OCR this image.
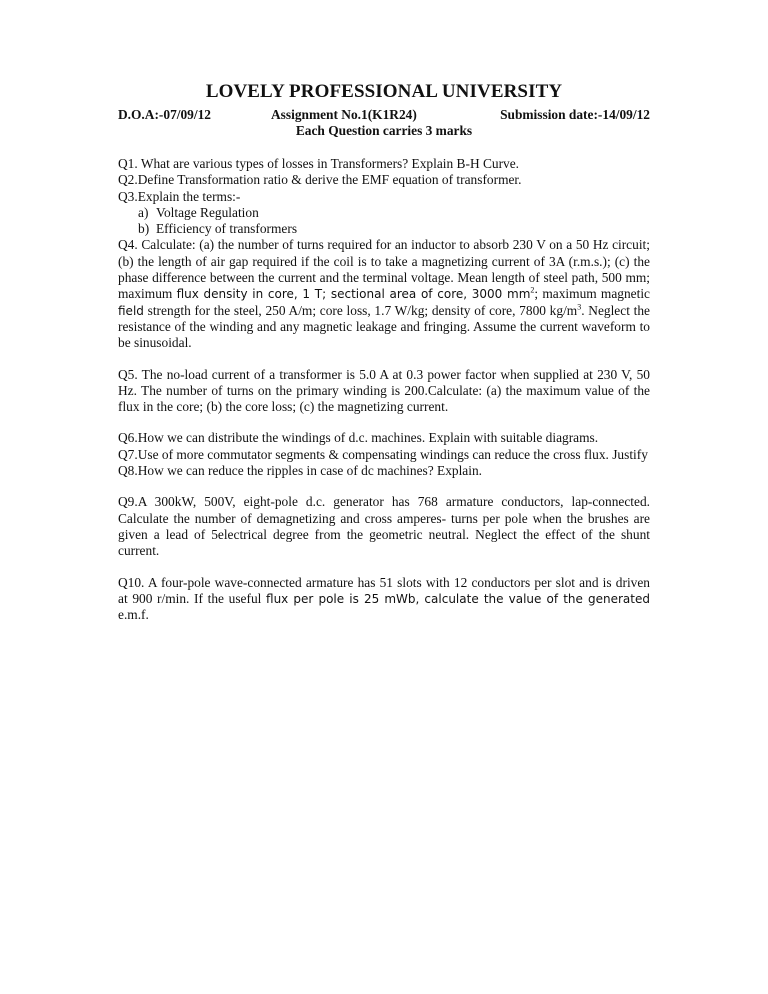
LOVELY PROFESSIONAL UNIVERSITY
D.O.A:-07/09/12	Assignment No.1(K1R24)	Submission date:-14/09/12
Each Question carries 3 marks

Q1. What are various types of losses in Transformers? Explain B-H Curve.

Q2.Define Transformation ratio & derive the EMF equation of transformer.

Q3.Explain the terms:-

a) Voltage Regulation
b) Efficiency of transformers

Q4. Calculate: (a) the number of turns required for an inductor to absorb 230 V on a 50 Hz circuit; (b) the length of air gap required if the coil is to take a magnetizing current of 3A (r.m.s.); (c) the phase difference between the current and the terminal voltage. Mean length of steel path, 500 mm; maximum flux density in core, 1 T; sectional area of core, 3000 $mm^2$; maximum magnetic field strength for the steel, 250 A/m; core loss, 1.7 W/kg; density of core, 7800 $kg/m^3$. Neglect the resistance of the winding and any magnetic leakage and fringing. Assume the current waveform to be sinusoidal.

Q5. The no-load current of a transformer is 5.0 A at 0.3 power factor when supplied at 230 V, 50 Hz. The number of turns on the primary winding is 200.Calculate: (a) the maximum value of the flux in the core; (b) the core loss; (c) the magnetizing current.

Q6.How we can distribute the windings of d.c. machines. Explain with suitable diagrams.

Q7.Use of more commutator segments & compensating windings can reduce the cross flux. Justify

Q8.How we can reduce the ripples in case of dc machines? Explain.

Q9.A 300kW, 500V, eight-pole d.c. generator has 768 armature conductors, lap-connected. Calculate the number of demagnetizing and cross amperes- turns per pole when the brushes are given a lead of 5electrical degree from the geometric neutral. Neglect the effect of the shunt current.

Q10. A four-pole wave-connected armature has 51 slots with 12 conductors per slot and is driven at 900 r/min. If the useful flux per pole is 25 mWb, calculate the value of the generated e.m.f.
